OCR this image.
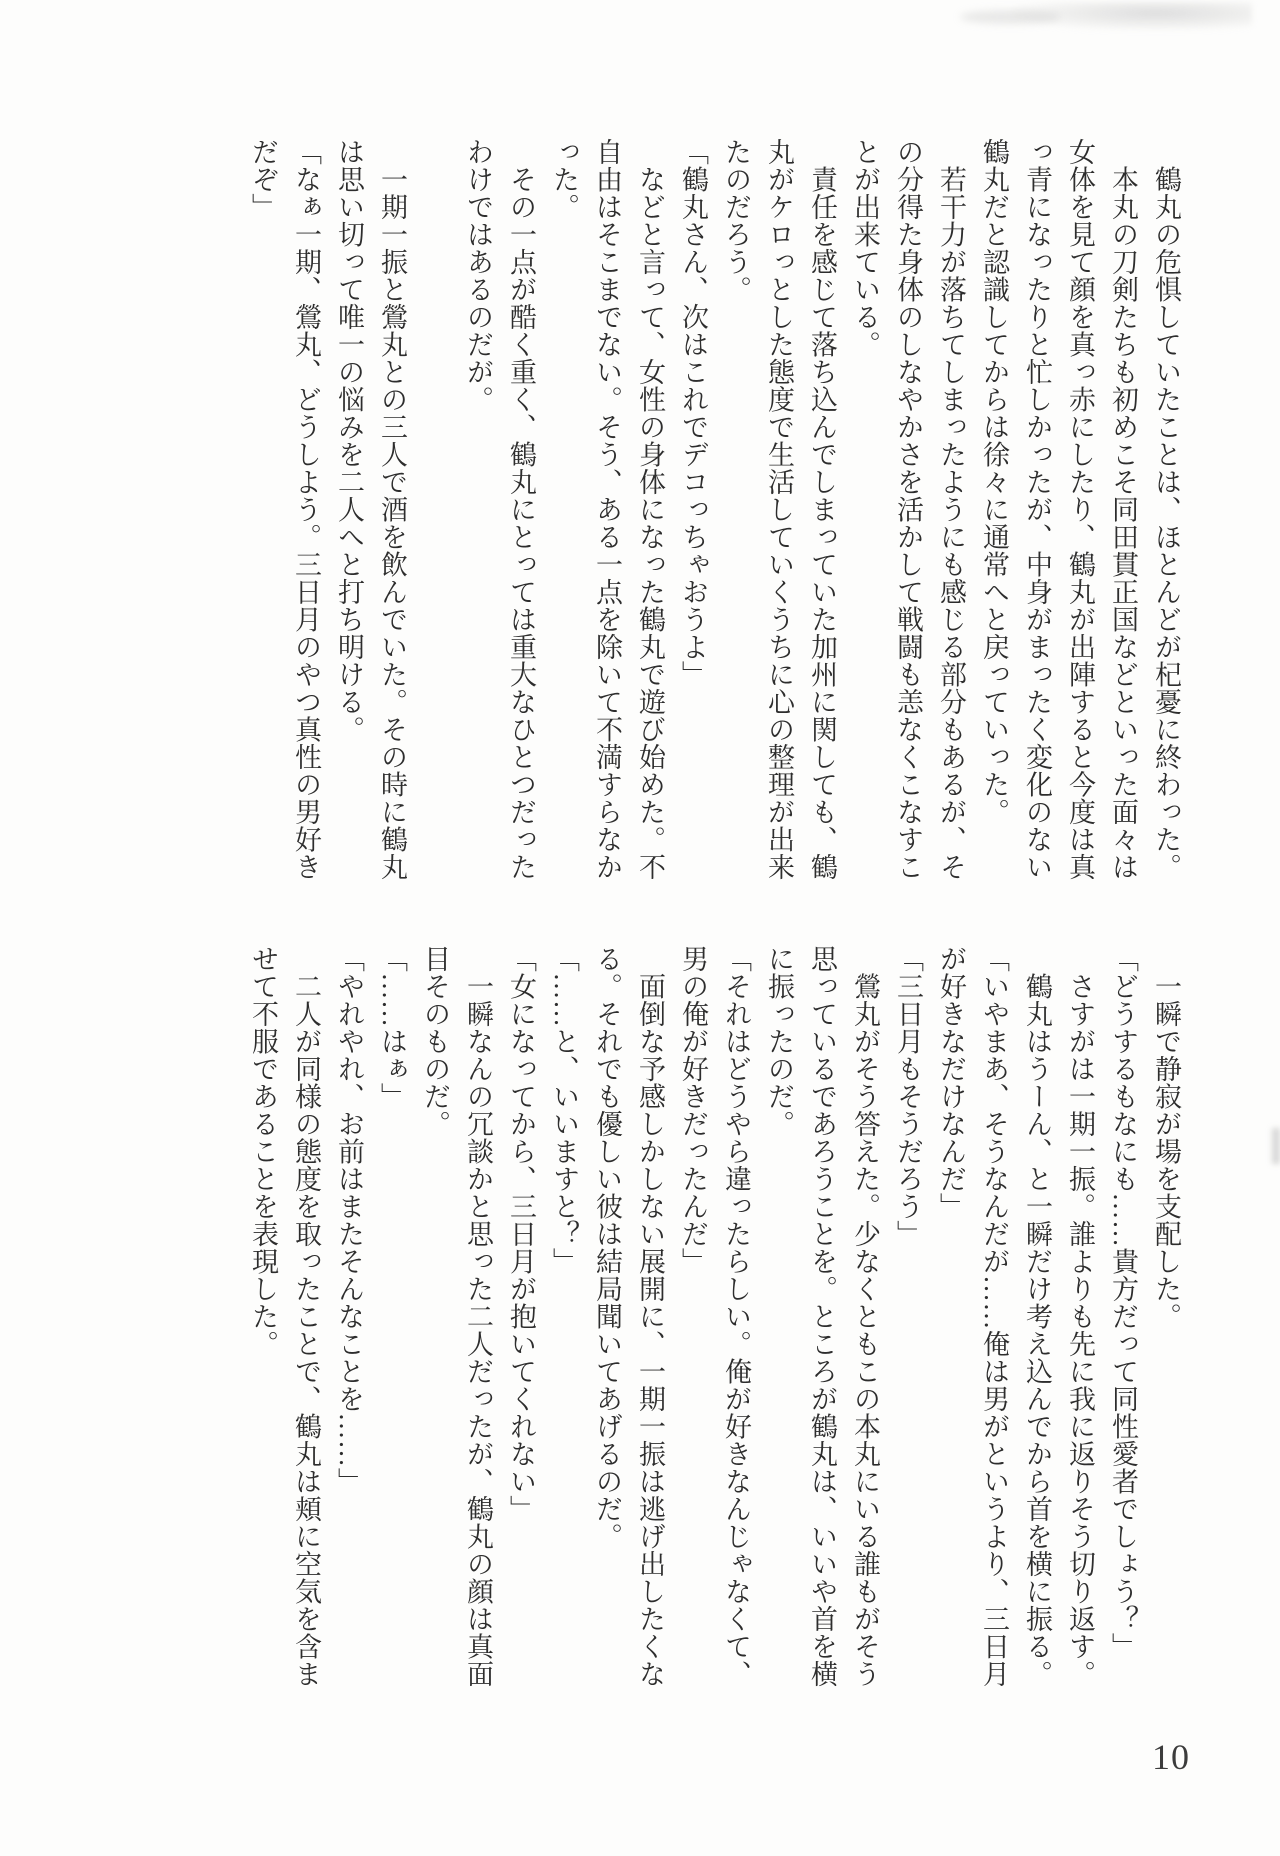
　鶴丸の危惧していたことは、ほとんどが杞憂に終わった。
　本丸の刀剣たちも初めこそ同田貫正国などといった面々は
女体を見て顔を真っ赤にしたり、鶴丸が出陣すると今度は真
っ青になったりと忙しかったが、中身がまったく変化のない
鶴丸だと認識してからは徐々に通常へと戻っていった。
　若干力が落ちてしまったようにも感じる部分もあるが、そ
の分得た身体のしなやかさを活かして戦闘も恙なくこなすこ
とが出来ている。
　責任を感じて落ち込んでしまっていた加州に関しても、鶴
丸がケロっとした態度で生活していくうちに心の整理が出来
たのだろう。
「鶴丸さん、次はこれでデコっちゃおうよ」
　などと言って、女性の身体になった鶴丸で遊び始めた。不
自由はそこまでない。そう、ある一点を除いて不満すらなか
った。
　その一点が酷く重く、鶴丸にとっては重大なひとつだった
わけではあるのだが。
　一期一振と鶯丸との三人で酒を飲んでいた。その時に鶴丸
は思い切って唯一の悩みを二人へと打ち明ける。
「なぁ一期、鶯丸、どうしよう。三日月のやつ真性の男好き
だぞ」
　一瞬で静寂が場を支配した。
「どうするもなにも……貴方だって同性愛者でしょう？」
　さすがは一期一振。誰よりも先に我に返りそう切り返す。
　鶴丸はうーん、と一瞬だけ考え込んでから首を横に振る。
「いやまあ、そうなんだが……俺は男がというより、三日月
が好きなだけなんだ」
「三日月もそうだろう」
　鶯丸がそう答えた。少なくともこの本丸にいる誰もがそう
思っているであろうことを。ところが鶴丸は、いいや首を横
に振ったのだ。
「それはどうやら違ったらしい。俺が好きなんじゃなくて、
男の俺が好きだったんだ」
　面倒な予感しかしない展開に、一期一振は逃げ出したくな
る。それでも優しい彼は結局聞いてあげるのだ。
「……と、いいますと？」
「女になってから、三日月が抱いてくれない」
　一瞬なんの冗談かと思った二人だったが、鶴丸の顔は真面
目そのものだ。
「……はぁ」
「やれやれ、お前はまたそんなことを……」
　二人が同様の態度を取ったことで、鶴丸は頬に空気を含ま
せて不服であることを表現した。
10
